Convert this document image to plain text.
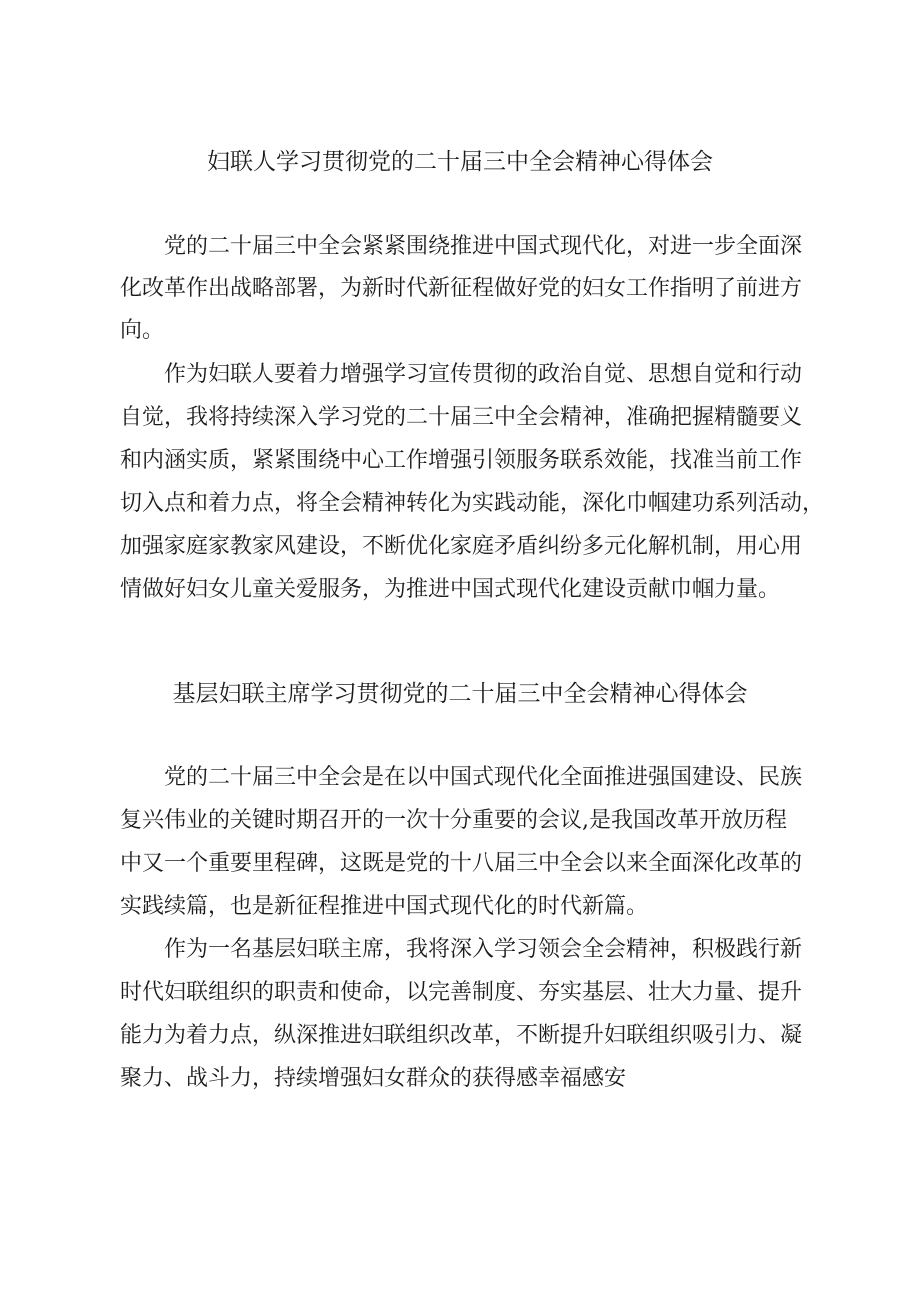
妇联人学习贯彻党的二十届三中全会精神心得体会
党的二十届三中全会紧紧围绕推进中国式现代化，对进一步全面深
化改革作出战略部署，为新时代新征程做好党的妇女工作指明了前进方
向。
作为妇联人要着力增强学习宣传贯彻的政治自觉、思想自觉和行动
自觉，我将持续深入学习党的二十届三中全会精神，准确把握精髓要义
和内涵实质，紧紧围绕中心工作增强引领服务联系效能，找准当前工作
切入点和着力点，将全会精神转化为实践动能，深化巾帼建功系列活动，
加强家庭家教家风建设，不断优化家庭矛盾纠纷多元化解机制，用心用
情做好妇女儿童关爱服务，为推进中国式现代化建设贡献巾帼力量。
基层妇联主席学习贯彻党的二十届三中全会精神心得体会
党的二十届三中全会是在以中国式现代化全面推进强国建设、民族
复兴伟业的关键时期召开的一次十分重要的会议,是我国改革开放历程
中又一个重要里程碑，这既是党的十八届三中全会以来全面深化改革的
实践续篇，也是新征程推进中国式现代化的时代新篇。
作为一名基层妇联主席，我将深入学习领会全会精神，积极践行新
时代妇联组织的职责和使命，以完善制度、夯实基层、壮大力量、提升
能力为着力点，纵深推进妇联组织改革，不断提升妇联组织吸引力、凝
聚力、战斗力，持续增强妇女群众的获得感幸福感安
